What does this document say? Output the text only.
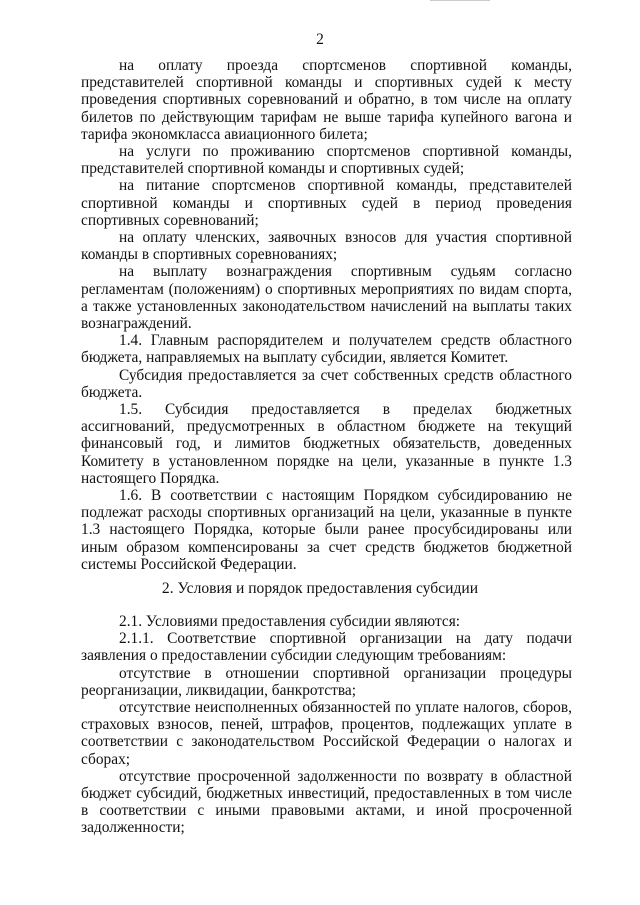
2

на оплату проезда спортсменов спортивной команды, представителей спортивной команды и спортивных судей к месту проведения спортивных соревнований и обратно, в том числе на оплату билетов по действующим тарифам не выше тарифа купейного вагона и тарифа экономкласса авиационного билета;

на услуги по проживанию спортсменов спортивной команды, представителей спортивной команды и спортивных судей;

на питание спортсменов спортивной команды, представителей спортивной команды и спортивных судей в период проведения спортивных соревнований;

на оплату членских, заявочных взносов для участия спортивной команды в спортивных соревнованиях;

на выплату вознаграждения спортивным судьям согласно регламентам (положениям) о спортивных мероприятиях по видам спорта, а также установленных законодательством начислений на выплаты таких вознаграждений.

1.4. Главным распорядителем и получателем средств областного бюджета, направляемых на выплату субсидии, является Комитет.

Субсидия предоставляется за счет собственных средств областного бюджета.

1.5. Субсидия предоставляется в пределах бюджетных ассигнований, предусмотренных в областном бюджете на текущий финансовый год, и лимитов бюджетных обязательств, доведенных Комитету в установленном порядке на цели, указанные в пункте 1.3 настоящего Порядка.

1.6. В соответствии с настоящим Порядком субсидированию не подлежат расходы спортивных организаций на цели, указанные в пункте 1.3 настоящего Порядка, которые были ранее просубсидированы или иным образом компенсированы за счет средств бюджетов бюджетной системы Российской Федерации.

2. Условия и порядок предоставления субсидии

2.1. Условиями предоставления субсидии являются:

2.1.1. Соответствие спортивной организации на дату подачи заявления о предоставлении субсидии следующим требованиям:

отсутствие в отношении спортивной организации процедуры реорганизации, ликвидации, банкротства;

отсутствие неисполненных обязанностей по уплате налогов, сборов, страховых взносов, пеней, штрафов, процентов, подлежащих уплате в соответствии с законодательством Российской Федерации о налогах и сборах;

отсутствие просроченной задолженности по возврату в областной бюджет субсидий, бюджетных инвестиций, предоставленных в том числе в соответствии с иными правовыми актами, и иной просроченной задолженности;
